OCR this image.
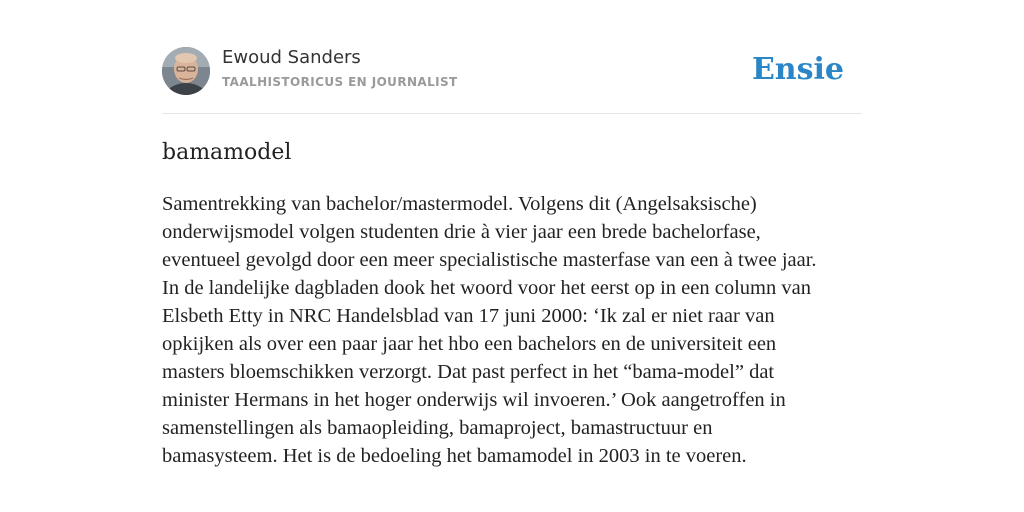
Ewoud Sanders
TAALHISTORICUS EN JOURNALIST	Ensie
bamamodel

Samentrekking van bachelor/mastermodel. Volgens dit (Angelsaksische)
onderwijsmodel volgen studenten drie à vier jaar een brede bachelorfase,
eventueel gevolgd door een meer specialistische masterfase van een à twee jaar.
In de landelijke dagbladen dook het woord voor het eerst op in een column van
Elsbeth Etty in NRC Handelsblad van 17 juni 2000: ‘Ik zal er niet raar van
opkijken als over een paar jaar het hbo een bachelors en de universiteit een
masters bloemschikken verzorgt. Dat past perfect in het “bama-model” dat
minister Hermans in het hoger onderwijs wil invoeren.’ Ook aangetroffen in
samenstellingen als bamaopleiding, bamaproject, bamastructuur en
bamasysteem. Het is de bedoeling het bamamodel in 2003 in te voeren.
